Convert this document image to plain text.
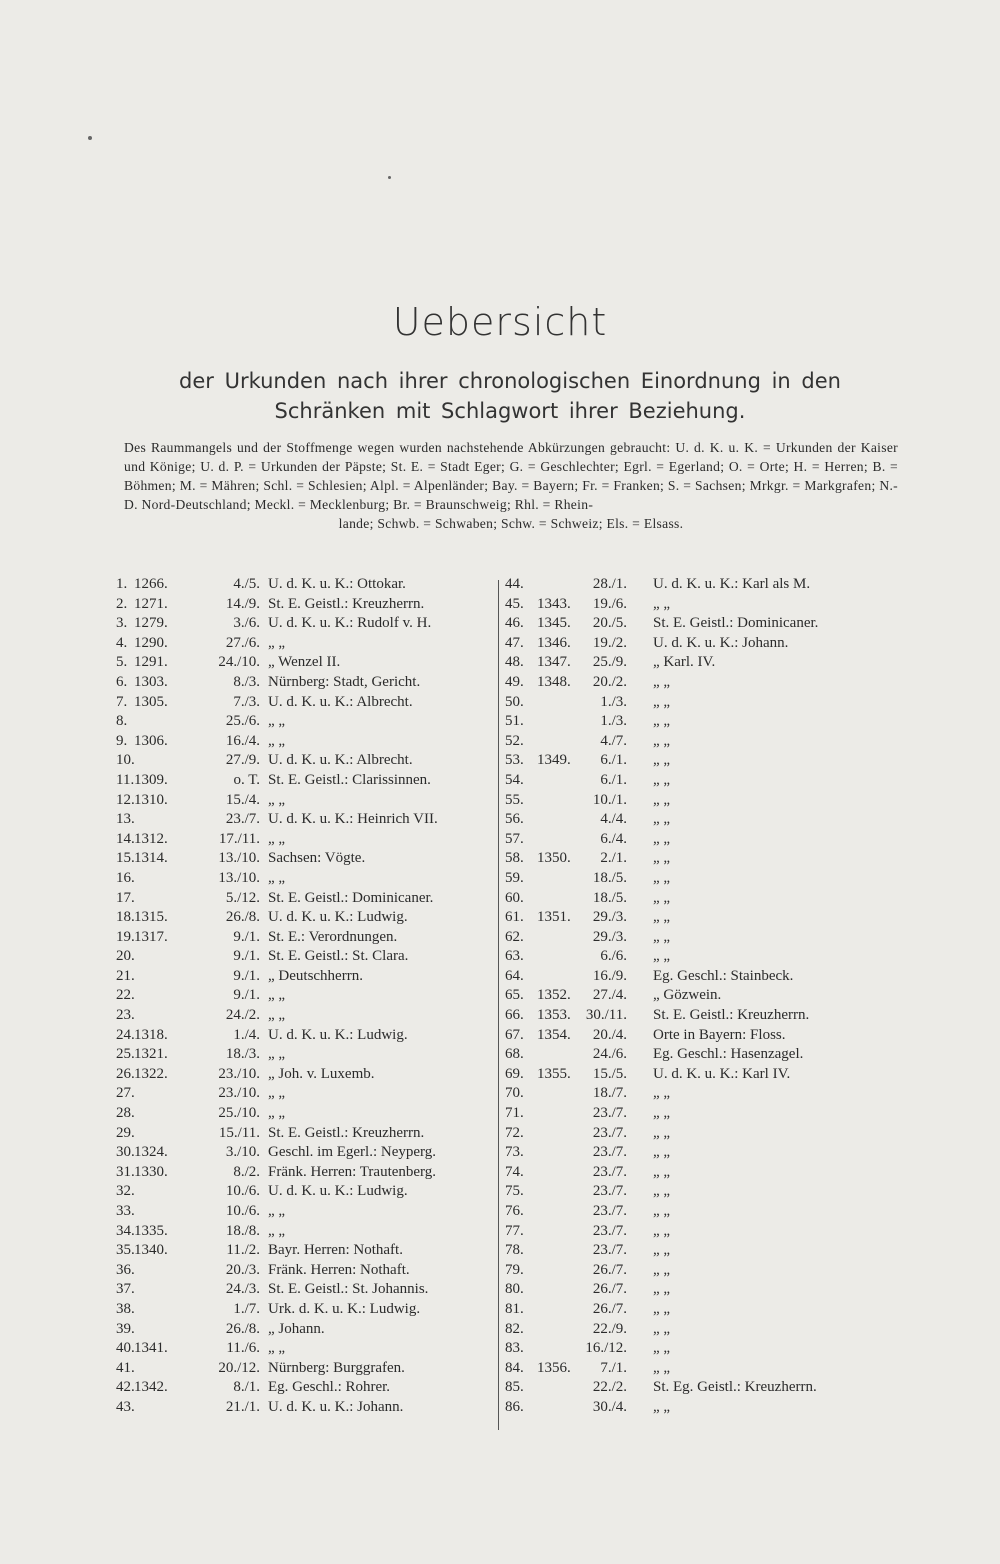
Uebersicht
der Urkunden nach ihrer chronologischen Einordnung in den
Schränken mit Schlagwort ihrer Beziehung.
Des Raummangels und der Stoffmenge wegen wurden nachstehende Abkürzungen gebraucht: U. d. K. u. K. = Urkunden der Kaiser und Könige; U. d. P. = Urkunden der Päpste; St. E. = Stadt Eger; G. = Geschlechter; Egrl. = Egerland; O. = Orte; H. = Herren; B. = Böhmen; M. = Mähren; Schl. = Schlesien; Alpl. = Alpenländer; Bay. = Bayern; Fr. = Franken; S. = Sachsen; Mrkgr. = Markgrafen; N.-D. Nord-Deutschland; Meckl. = Mecklenburg; Br. = Braunschweig; Rhl. = Rhein-
lande; Schwb. = Schwaben; Schw. = Schweiz; Els. = Elsass.
1. 1266.	4./5. U. d. K. u. K.: Ottokar.
2. 1271.	14./9. St. E. Geistl.: Kreuzherrn.
3. 1279.	3./6. U. d. K. u. K.: Rudolf v. H.
4. 1290.	27./6. „ „
5. 1291.	24./10. „ Wenzel II.
6. 1303.	8./3. Nürnberg: Stadt, Gericht.
7. 1305.	7./3. U. d. K. u. K.: Albrecht.
8.	25./6. „ „
9. 1306.	16./4. „ „
10.	27./9. U. d. K. u. K.: Albrecht.
11. 1309.	o. T. St. E. Geistl.: Clarissinnen.
12. 1310.	15./4. „ „
13.	23./7. U. d. K. u. K.: Heinrich VII.
14. 1312.	17./11. „ „
15. 1314.	13./10. Sachsen: Vögte.
16.	13./10. „ „
17.	5./12. St. E. Geistl.: Dominicaner.
18. 1315.	26./8. U. d. K. u. K.: Ludwig.
19. 1317.	9./1. St. E.: Verordnungen.
20.	9./1. St. E. Geistl.: St. Clara.
21.	9./1. „ Deutschherrn.
22.	9./1. „ „
23.	24./2. „ „
24. 1318.	1./4. U. d. K. u. K.: Ludwig.
25. 1321.	18./3. „ „
26. 1322.	23./10. „ Joh. v. Luxemb.
27.	23./10. „ „
28.	25./10. „ „
29.	15./11. St. E. Geistl.: Kreuzherrn.
30. 1324.	3./10. Geschl. im Egerl.: Neyperg.
31. 1330.	8./2. Fränk. Herren: Trautenberg.
32.	10./6. U. d. K. u. K.: Ludwig.
33.	10./6. „ „
34. 1335.	18./8. „ „
35. 1340.	11./2. Bayr. Herren: Nothaft.
36.	20./3. Fränk. Herren: Nothaft.
37.	24./3. St. E. Geistl.: St. Johannis.
38.	1./7. Urk. d. K. u. K.: Ludwig.
39.	26./8. „ Johann.
40. 1341.	11./6. „ „
41.	20./12. Nürnberg: Burggrafen.
42. 1342.	8./1. Eg. Geschl.: Rohrer.
43.	21./1. U. d. K. u. K.: Johann.
44.	28./1. U. d. K. u. K.: Karl als M.
45. 1343.	19./6. „ „
46. 1345.	20./5. St. E. Geistl.: Dominicaner.
47. 1346.	19./2. U. d. K. u. K.: Johann.
48. 1347.	25./9. „ Karl. IV.
49. 1348.	20./2. „ „
50.	1./3. „ „
51.	1./3. „ „
52.	4./7. „ „
53. 1349.	6./1. „ „
54.	6./1. „ „
55.	10./1. „ „
56.	4./4. „ „
57.	6./4. „ „
58. 1350.	2./1. „ „
59.	18./5. „ „
60.	18./5. „ „
61. 1351.	29./3. „ „
62.	29./3. „ „
63.	6./6. „ „
64.	16./9. Eg. Geschl.: Stainbeck.
65. 1352.	27./4. „ Gözwein.
66. 1353. 30./11. St. E. Geistl.: Kreuzherrn.
67. 1354.	20./4. Orte in Bayern: Floss.
68.	24./6. Eg. Geschl.: Hasenzagel.
69. 1355.	15./5. U. d. K. u. K.: Karl IV.
70.	18./7. „ „
71.	23./7. „ „
72.	23./7. „ „
73.	23./7. „ „
74.	23./7. „ „
75.	23./7. „ „
76.	23./7. „ „
77.	23./7. „ „
78.	23./7. „ „
79.	26./7. „ „
80.	26./7. „ „
81.	26./7. „ „
82.	22./9. „ „
83.	16./12. „ „
84. 1356.	7./1. „ „
85.	22./2. St. Eg. Geistl.: Kreuzherrn.
86.	30./4. „ „
